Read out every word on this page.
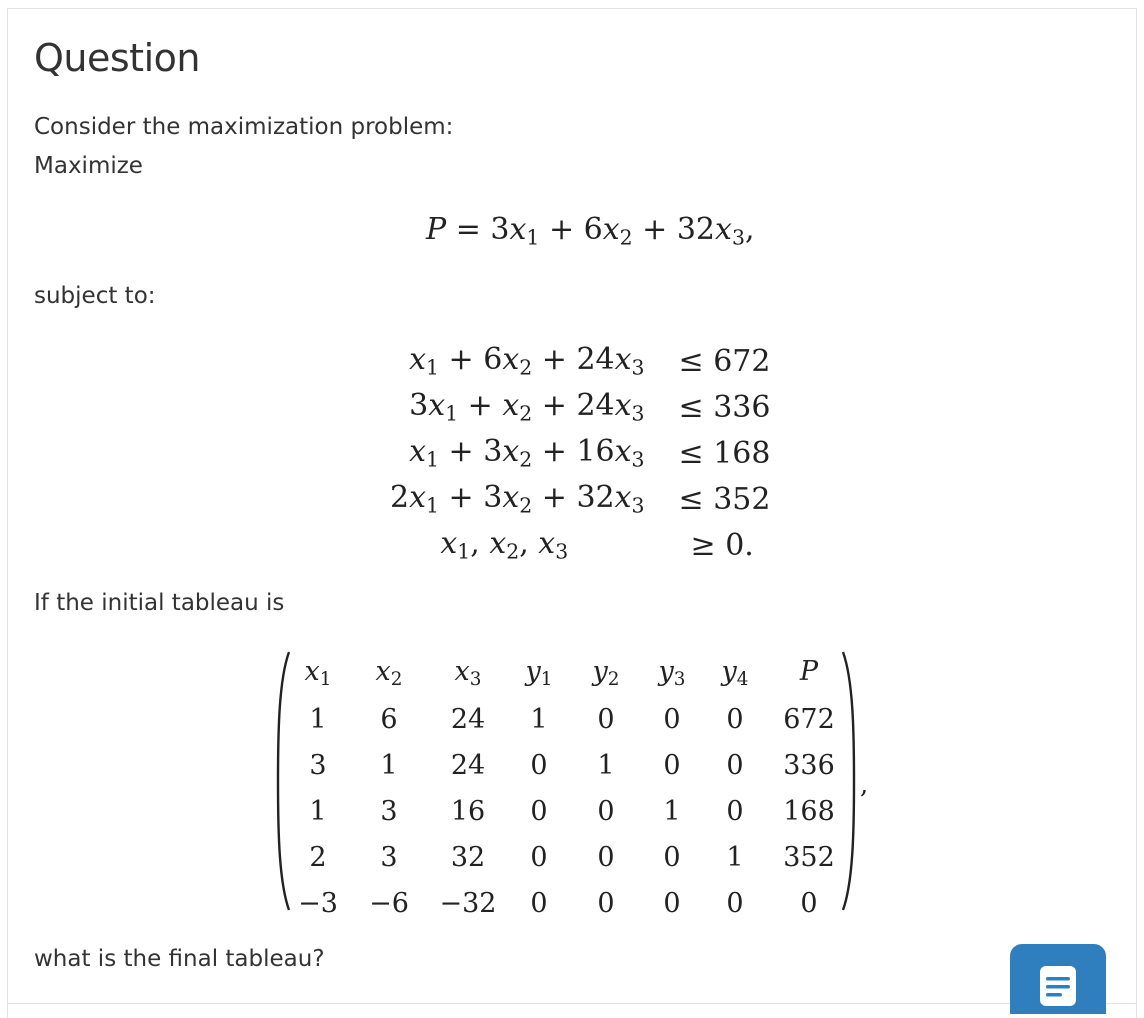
Question

Consider the maximization problem:

Maximize

$P = 3x_1 + 6x_2 + 32x_3$,

subject to:

$x_1 + 6x_2 + 24x_3$	≤ 672
$3x_1 + x_2 + 24x_3$	≤ 336
$x_1 + 3x_2 + 16x_3$	≤ 168
$2x_1 + 3x_2 + 32x_3$	≤ 352
$x_1$, $x_2$, $x_3$	≥ 0.

If the initial tableau is

$x_1$	$x_2$	$x_3$	$y_1$	$y_2$	$y_3$	$y_4$	P
1	6	24	1	0	0	0	672
3	1	24	0	1	0	0	336
1	3	16	0	0	1	0	168
2	3	32	0	0	0	1	352
−3	−6	−32	0	0	0	0	0
,

what is the final tableau?
